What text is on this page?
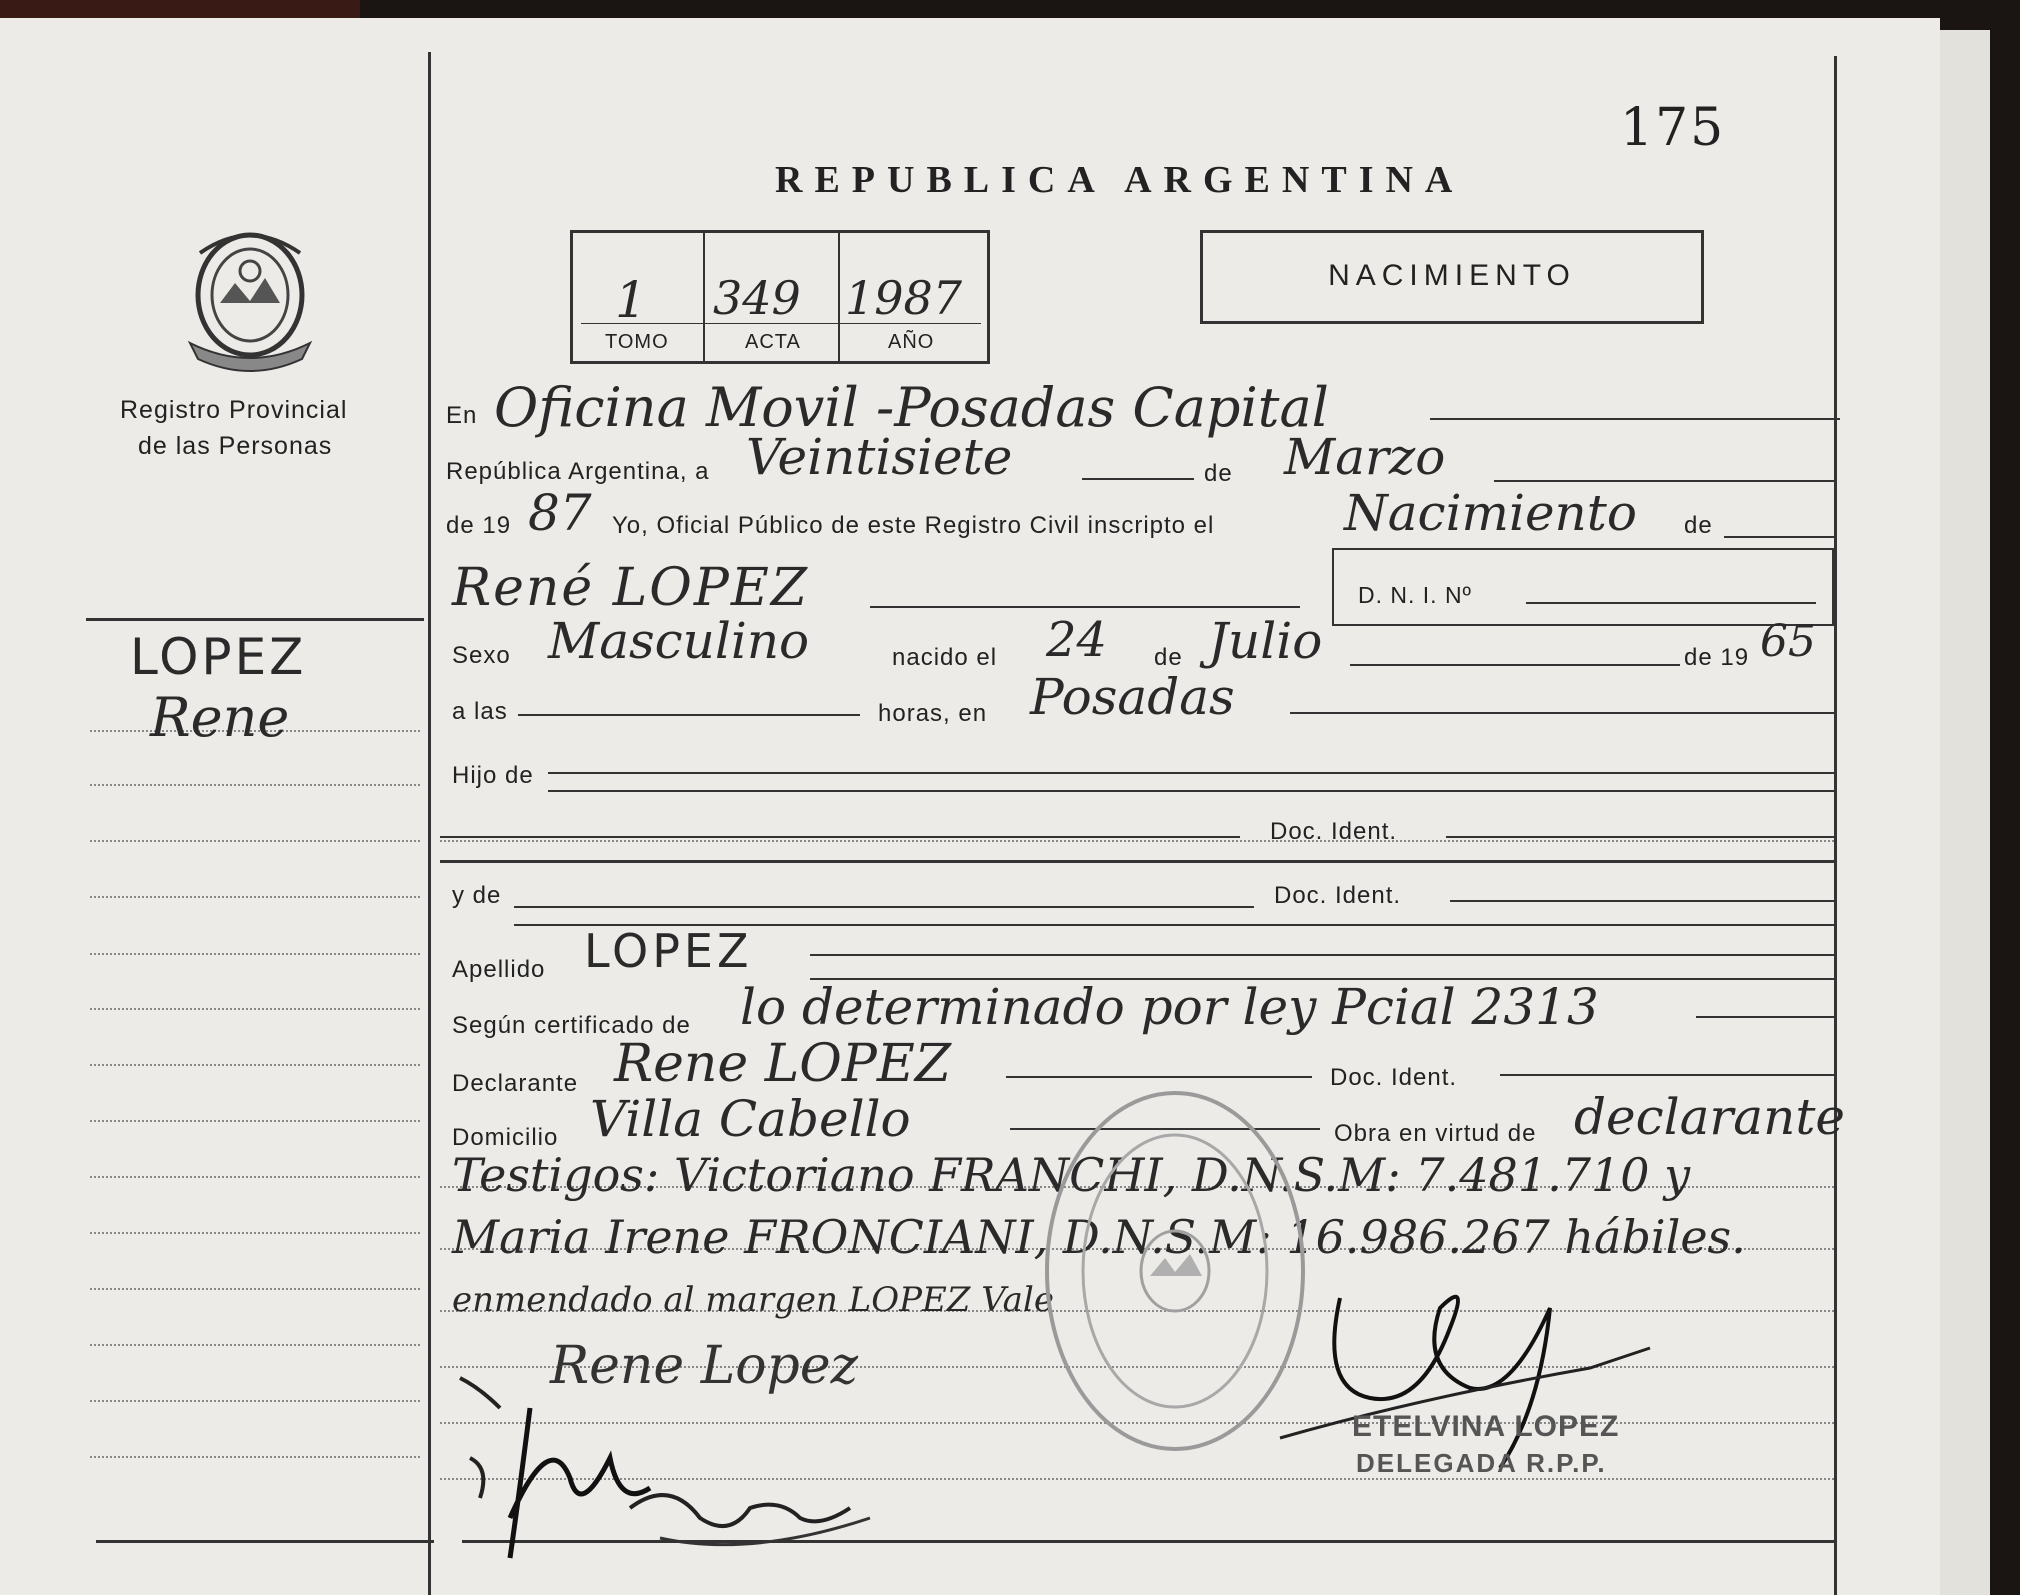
175
REPUBLICA ARGENTINA
NACIMIENTO
Registro Provincial
de las Personas
1 349 1987
TOMO	ACTA	AÑO
LOPEZ
Rene
En Oficina Movil -Posadas Capital
República Argentina, a Veintisiete	de Marzo
de 19 87 Yo, Oficial Público de este Registro Civil inscripto el	Nacimiento de
René LOPEZ	D. N. I. Nº
Sexo Masculino	nacido el 24 de Julio	de 19 65
a las	horas, en Posadas
Hijo de
Doc. Ident.
y de	Doc. Ident.
Apellido LOPEZ
Según certificado de lo determinado por ley Pcial 2313
Declarante Rene LOPEZ	Doc. Ident.
Domicilio Villa Cabello	Obra en virtud de declarante
Testigos: Victoriano FRANCHI, D.N.S.M: 7.481.710 y
Maria Irene FRONCIANI, D.N.S.M: 16.986.267 hábiles.
enmendado al margen LOPEZ Vale
Rene Lopez
ETELVINA LOPEZ
DELEGADA R.P.P.
